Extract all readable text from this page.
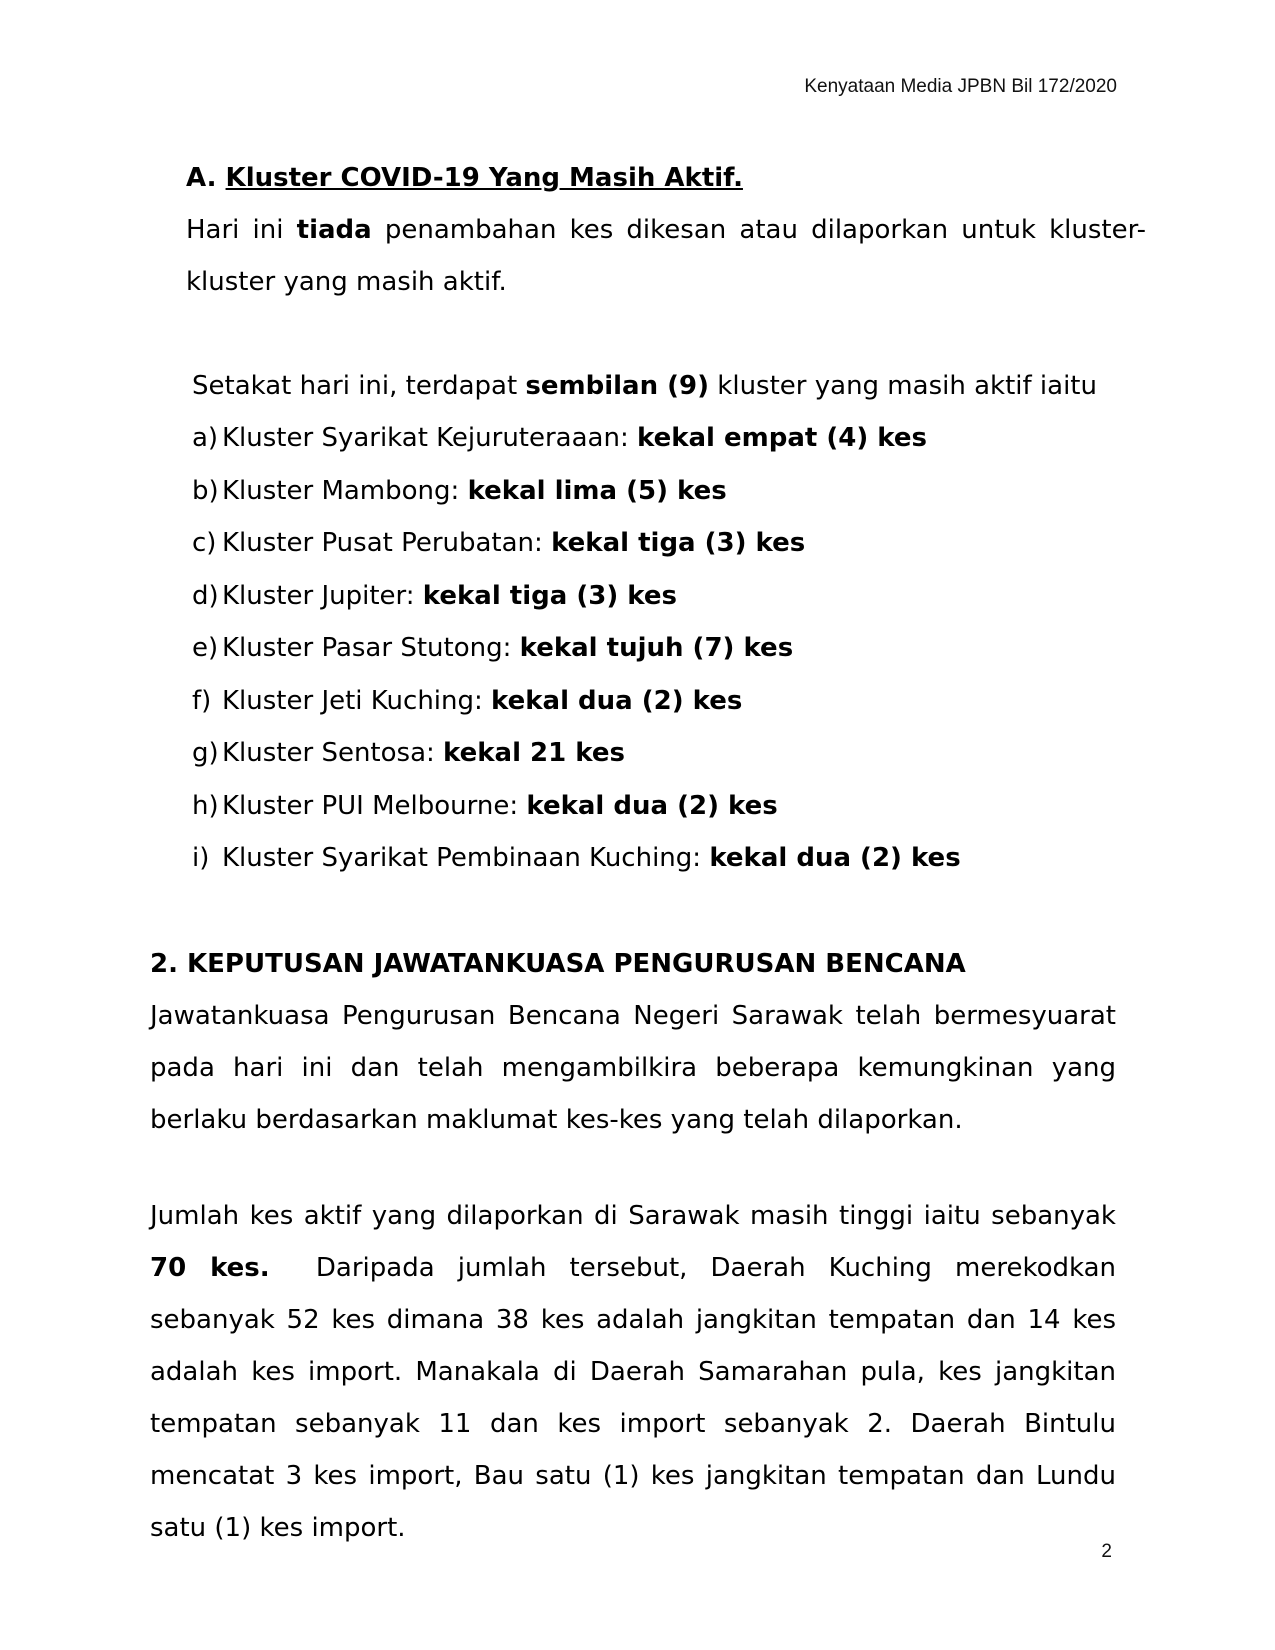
Kenyataan Media JPBN Bil 172/2020
A. Kluster COVID-19 Yang Masih Aktif.
Hari ini tiada penambahan kes dikesan atau dilaporkan untuk kluster-kluster yang masih aktif.
Setakat hari ini, terdapat sembilan (9) kluster yang masih aktif iaitu
a) Kluster Syarikat Kejuruteraaan:
kekal empat (4) kes
b) Kluster Mambong:
kekal lima (5) kes
c) Kluster Pusat Perubatan:
kekal tiga (3) kes
d) Kluster Jupiter:
kekal tiga (3) kes
e) Kluster Pasar Stutong:
kekal tujuh (7) kes
f) Kluster Jeti Kuching:
kekal dua (2) kes
g) Kluster Sentosa:
kekal 21 kes
h) Kluster PUI Melbourne:
kekal dua (2) kes
i) Kluster Syarikat Pembinaan Kuching:
kekal dua (2) kes
2. KEPUTUSAN JAWATANKUASA PENGURUSAN BENCANA

Jawatankuasa Pengurusan Bencana Negeri Sarawak telah bermesyuarat pada hari ini dan telah mengambilkira beberapa kemungkinan yang berlaku berdasarkan maklumat kes-kes yang telah dilaporkan.

Jumlah kes aktif yang dilaporkan di Sarawak masih tinggi iaitu sebanyak 70 kes.  Daripada jumlah tersebut, Daerah Kuching merekodkan sebanyak 52 kes dimana 38 kes adalah jangkitan tempatan dan 14 kes adalah kes import. Manakala di Daerah Samarahan pula, kes jangkitan tempatan sebanyak 11 dan kes import sebanyak 2. Daerah Bintulu mencatat 3 kes import, Bau satu (1) kes jangkitan tempatan dan Lundu satu (1) kes import.
2
